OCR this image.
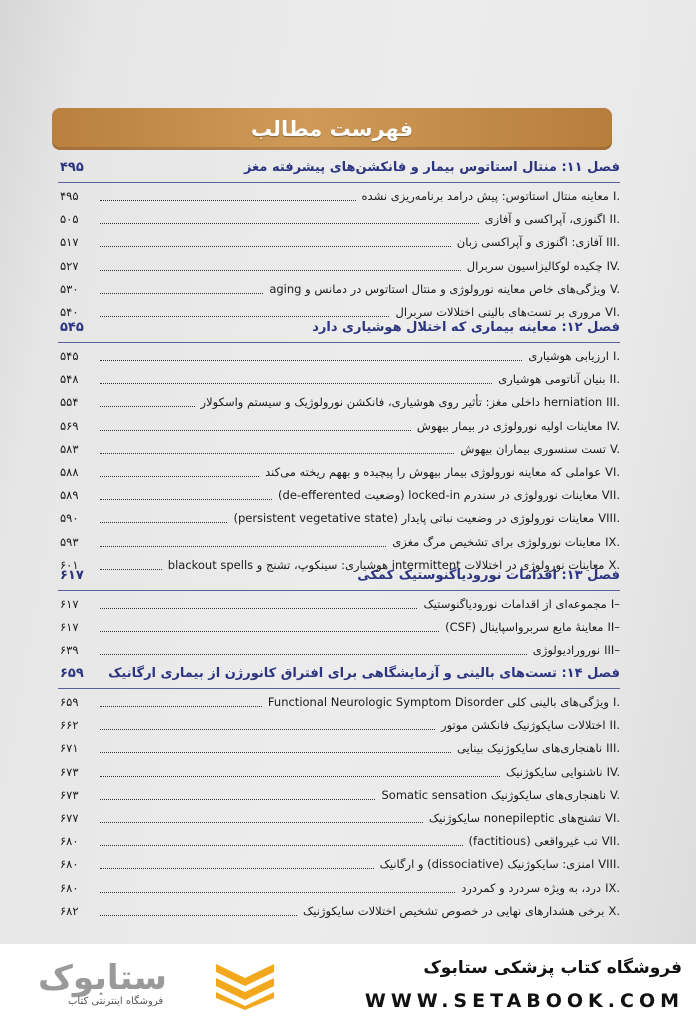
فهرست مطالب
فصل ۱۱: منتال استاتوس بیمار و فانکشن‌های پیشرفته مغز
۴۹۵
I.
معاینه منتال استاتوس: پیش درامد برنامه‌ریزی نشده
۴۹۵
II.
اگنوزی، آپراکسی و آفازی
۵۰۵
III.
آفازی: اگنوزی و آپراکسی زبان
۵۱۷
IV.
چکیده لوکالیزاسیون سربرال
۵۲۷
V.
ویژگی‌های خاص معاینه نورولوژی و منتال استاتوس در دمانس و aging
۵۳۰
VI.
مروری بر تست‌های بالینی اختلالات سربرال
۵۴۰
فصل ۱۲: معاینه بیماری که اختلال هوشیاری دارد
۵۴۵
I.
ارزیابی هوشیاری
۵۴۵
II.
بنیان آناتومی هوشیاری
۵۴۸
III.
herniation داخلی مغز: تأثیر روی هوشیاری، فانکشن نورولوژیک و سیستم واسکولار
۵۵۴
IV.
معاینات اولیه نورولوژی در بیمار بیهوش
۵۶۹
V.
تست سنسوری بیماران بیهوش
۵۸۳
VI.
عواملی که معاینه نورولوژی بیمار بیهوش را پیچیده و بههم ریخته می‌کند
۵۸۸
VII.
معاینات نورولوژی در سندرم locked-in (وضعیت de-efferented)
۵۸۹
VIII.
معاینات نورولوژی در وضعیت نباتی پایدار (persistent vegetative state)
۵۹۰
IX.
معاینات نورولوژی برای تشخیص مرگ مغزی
۵۹۳
X.
معاینات نورولوژی در اختلالات intermittent هوشیاری: سینکوپ، تشنج و blackout spells
۶۰۱
فصل ۱۳: اقدامات نورودیاگنوستیک کمکی
۶۱۷
I–
مجموعه‌ای از اقدامات نورودیاگنوستیک
۶۱۷
II–
معاینهٔ مایع سربرواسپاینال (CSF)
۶۱۷
III–
نورورادیولوژی
۶۳۹
فصل ۱۴: تست‌های بالینی و آزمایشگاهی برای افتراق کانورژن از بیماری ارگانیک
۶۵۹
I.
ویژگی‌های بالینی کلی Functional Neurologic Symptom Disorder
۶۵۹
II.
اختلالات سایکوژنیک فانکشن موتور
۶۶۲
III.
ناهنجاری‌های سایکوژنیک بینایی
۶۷۱
IV.
ناشنوایی سایکوژنیک
۶۷۳
V.
ناهنجاری‌های سایکوژنیک Somatic sensation
۶۷۳
VI.
تشنج‌های nonepileptic سایکوژنیک
۶۷۷
VII.
تب غیرواقعی (factitious)
۶۸۰
VIII.
امنزی: سایکوژنیک (dissociative) و ارگانیک
۶۸۰
IX.
درد، به ویژه سردرد و کمردرد
۶۸۰
X.
برخی هشدارهای نهایی در خصوص تشخیص اختلالات سایکوژنیک
۶۸۲
ستابوک
فروشگاه اینترنتی کتاب
فروشگاه کتاب پزشکی ستابوک
WWW.SETABOOK.COM
